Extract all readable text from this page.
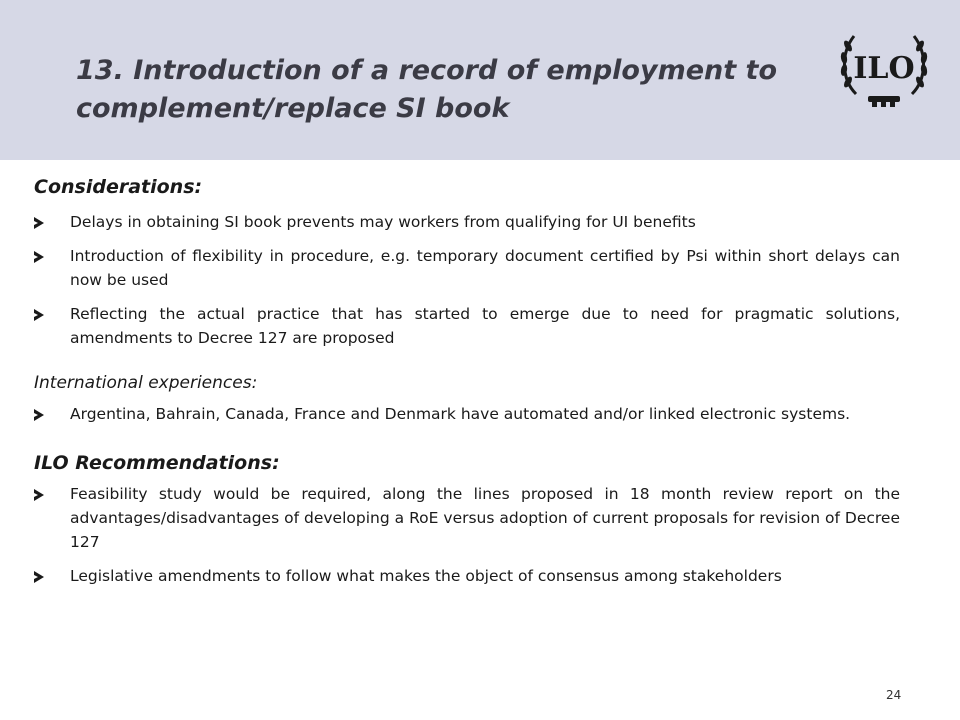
13. Introduction of a record of employment to complement/replace SI book
ILO
Considerations:
Delays in obtaining SI book prevents may workers from qualifying for UI benefits
Introduction of flexibility in procedure, e.g. temporary document certified by Psi within short delays can now be used
Reflecting the actual practice that has started to emerge due to need for pragmatic solutions, amendments to Decree 127 are proposed
International experiences:
Argentina, Bahrain, Canada, France and Denmark have automated and/or linked electronic systems.
ILO Recommendations:
Feasibility study would be required, along the lines proposed in 18 month review report on the advantages/disadvantages of developing a RoE versus adoption of current proposals for revision of Decree 127
Legislative amendments to follow what makes the object of consensus among stakeholders
24
